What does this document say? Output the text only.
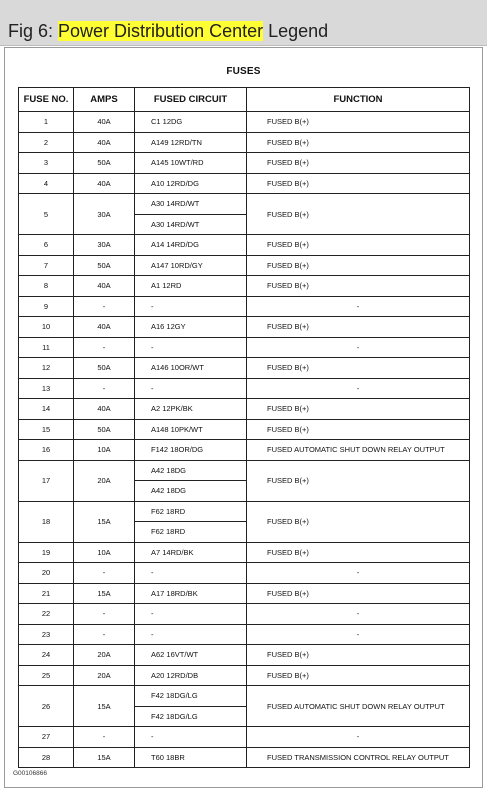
Fig 6: Power Distribution Center Legend
FUSES
FUSE NO.	AMPS	FUSED CIRCUIT	FUNCTION
1	40A	C1 12DG	FUSED B(+)
2	40A	A149 12RD/TN	FUSED B(+)
3	50A	A145 10WT/RD	FUSED B(+)
4	40A	A10 12RD/DG	FUSED B(+)
5	30A	A30 14RD/WT	FUSED B(+)
		A30 14RD/WT	
6	30A	A14 14RD/DG	FUSED B(+)
7	50A	A147 10RD/GY	FUSED B(+)
8	40A	A1 12RD	FUSED B(+)
9	-	-	-
10	40A	A16 12GY	FUSED B(+)
11	-	-	-
12	50A	A146 10OR/WT	FUSED B(+)
13	-	-	-
14	40A	A2 12PK/BK	FUSED B(+)
15	50A	A148 10PK/WT	FUSED B(+)
16	10A	F142 18OR/DG	FUSED AUTOMATIC SHUT DOWN RELAY OUTPUT
17	20A	A42 18DG	FUSED B(+)
		A42 18DG	
18	15A	F62 18RD	FUSED B(+)
		F62 18RD	
19	10A	A7 14RD/BK	FUSED B(+)
20	-	-	-
21	15A	A17 18RD/BK	FUSED B(+)
22	-	-	-
23	-	-	-
24	20A	A62 16VT/WT	FUSED B(+)
25	20A	A20 12RD/DB	FUSED B(+)
26	15A	F42 18DG/LG	FUSED AUTOMATIC SHUT DOWN RELAY OUTPUT
		F42 18DG/LG	
27	-	-	-
28	15A	T60 18BR	FUSED TRANSMISSION CONTROL RELAY OUTPUT
G00106866
